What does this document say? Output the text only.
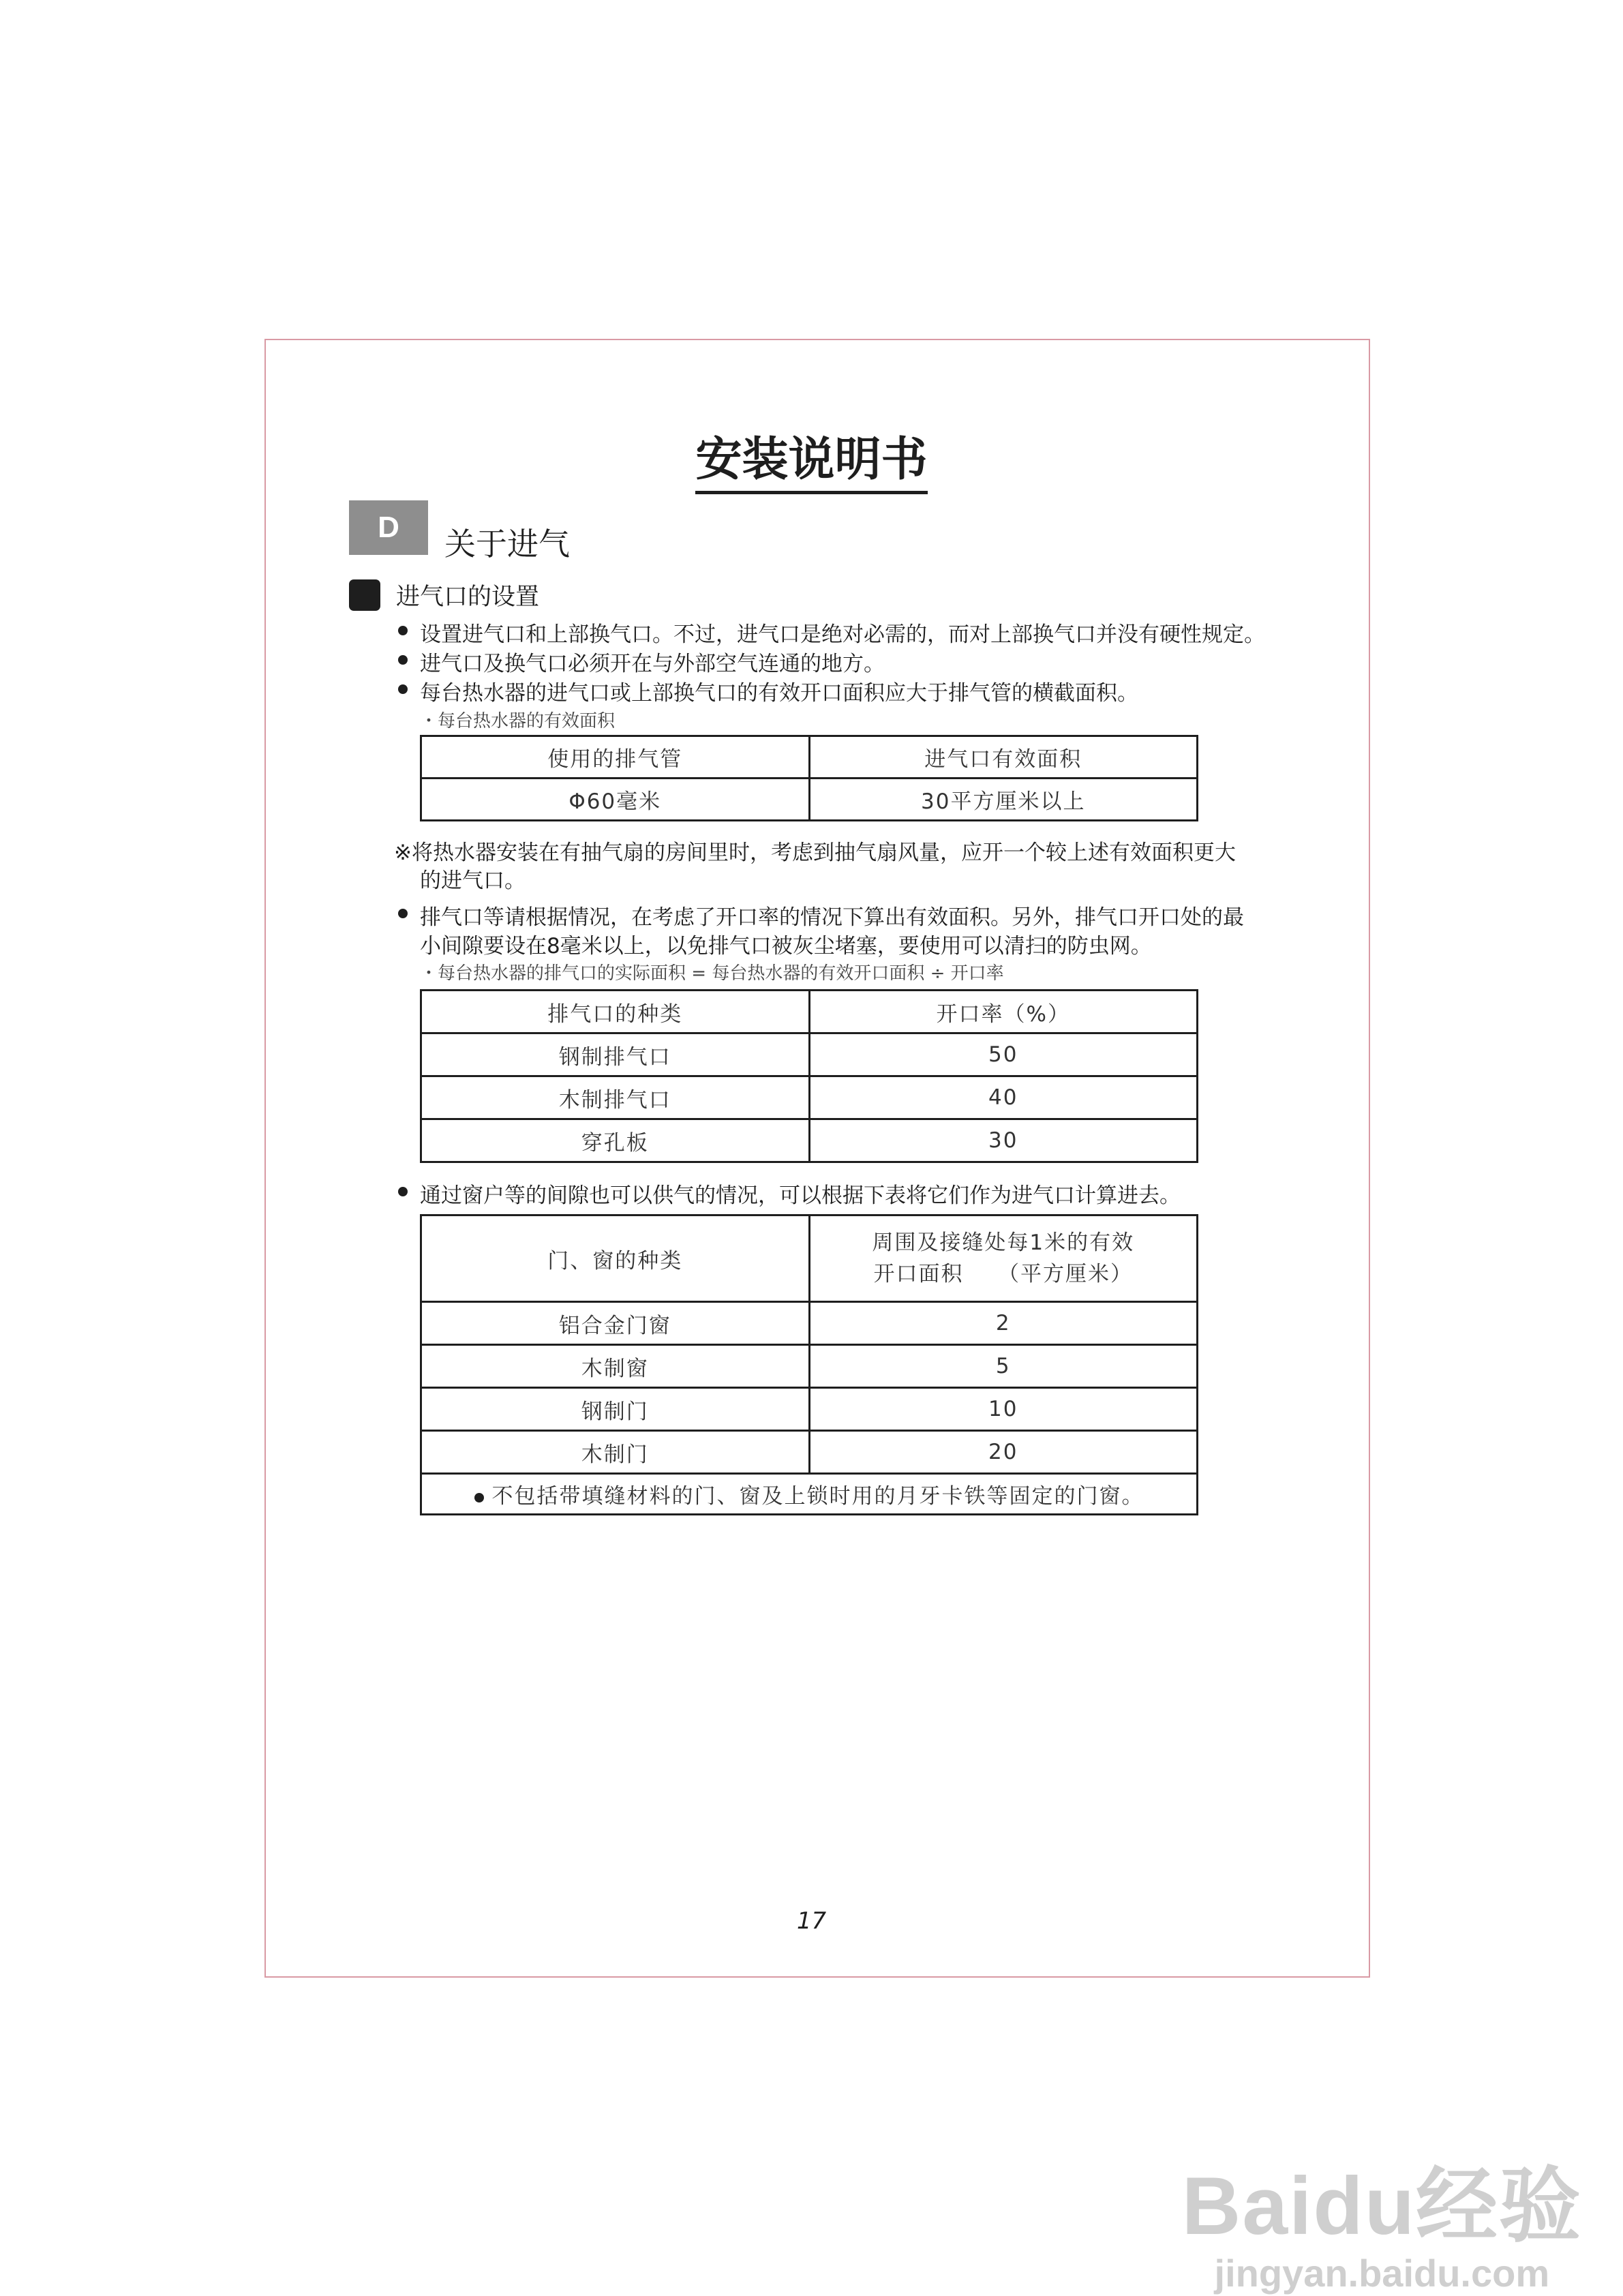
安装说明书
D	关于进气
进气口的设置
设置进气口和上部换气口。不过，进气口是绝对必需的，而对上部换气口并没有硬性规定。
进气口及换气口必须开在与外部空气连通的地方。
每台热水器的进气口或上部换气口的有效开口面积应大于排气管的横截面积。
・每台热水器的有效面积
使用的排气管	进气口有效面积
Φ60毫米	30平方厘米以上
※将热水器安装在有抽气扇的房间里时，考虑到抽气扇风量，应开一个较上述有效面积更大
的进气口。
排气口等请根据情况，在考虑了开口率的情况下算出有效面积。另外，排气口开口处的最
小间隙要设在8毫米以上，以免排气口被灰尘堵塞，要使用可以清扫的防虫网。
・每台热水器的排气口的实际面积 = 每台热水器的有效开口面积 ÷ 开口率
排气口的种类	开口率（%）
钢制排气口	50
木制排气口	40
穿孔板	30
通过窗户等的间隙也可以供气的情况，可以根据下表将它们作为进气口计算进去。
门、窗的种类	周围及接缝处每1米的有效
开口面积　　（平方厘米）

铝合金门窗	2
木制窗	5
钢制门	10
木制门	20
不包括带填缝材料的门、窗及上锁时用的月牙卡铁等固定的门窗。	
17
Baidu经验
jingyan.baidu.com
